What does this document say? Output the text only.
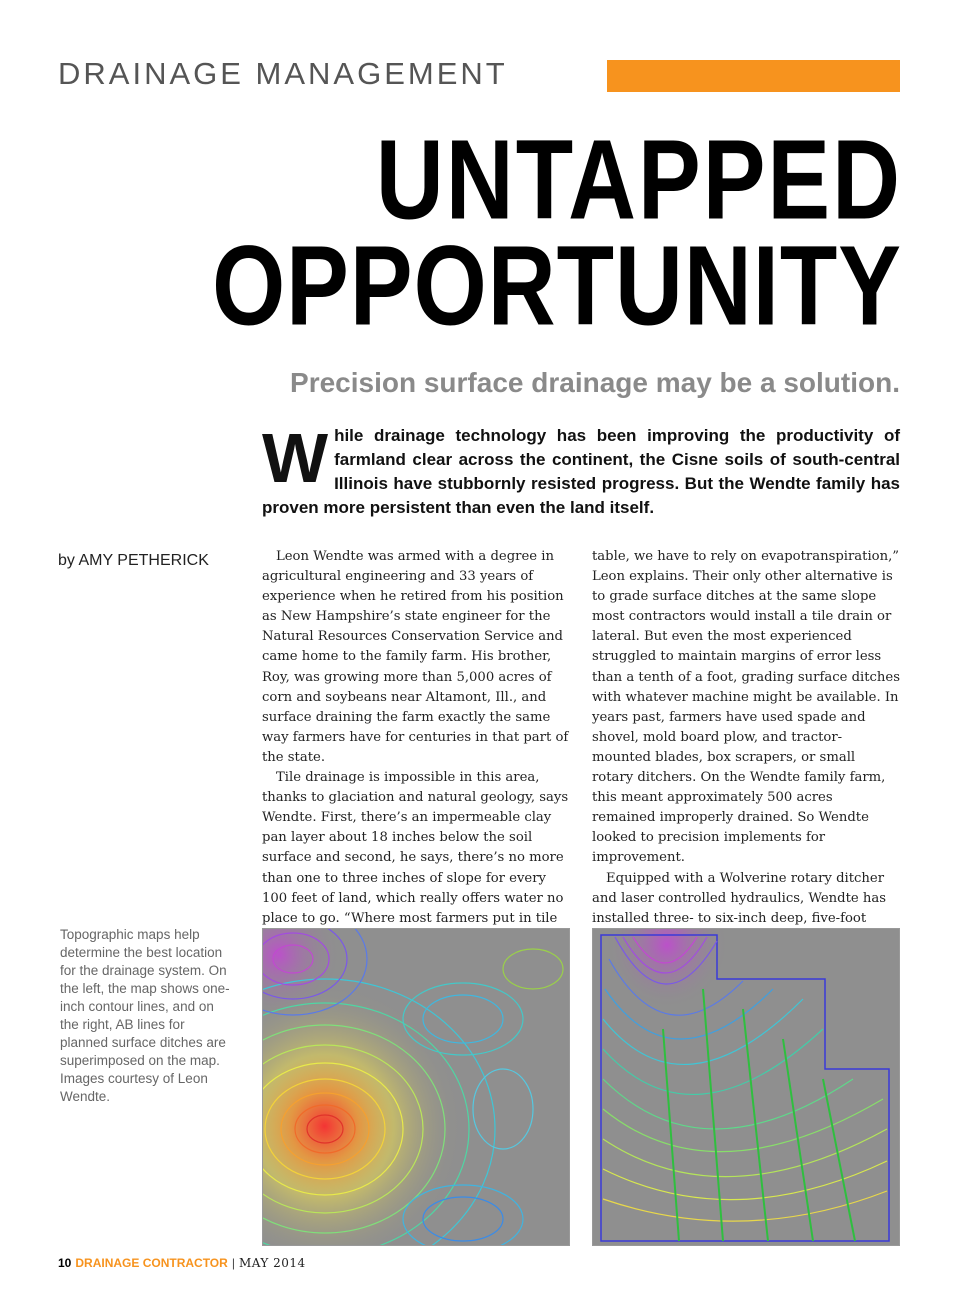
DRAINAGE MANAGEMENT
UNTAPPED
OPPORTUNITY
Precision surface drainage may be a solution.
While drainage technology has been improving the productivity of farmland clear across the continent, the Cisne soils of south-central Illinois have stubbornly resisted progress. But the Wendte family has proven more persistent than even the land itself.
by AMY PETHERICK	Leon Wendte was armed with a degree in agricultural engineering and 33 years of experience when he retired from his position as New Hampshire’s state engineer for the Natural Resources Conservation Service and came home to the family farm. His brother, Roy, was growing more than 5,000 acres of corn and soybeans near Altamont, Ill., and surface draining the farm exactly the same way farmers have for centuries in that part of the state.

Tile drainage is impossible in this area, thanks to glaciation and natural geology, says Wendte. First, there’s an impermeable clay pan layer about 18 inches below the soil surface and second, he says, there’s no more than one to three inches of slope for every 100 feet of land, which really offers water no place to go. “Where most farmers put in tile

table, we have to rely on evapotranspiration,” Leon explains. Their only other alternative is to grade surface ditches at the same slope most contractors would install a tile drain or lateral. But even the most experienced struggled to maintain margins of error less than a tenth of a foot, grading surface ditches with whatever machine might be available. In years past, farmers have used spade and shovel, mold board plow, and tractor-mounted blades, box scrapers, or small rotary ditchers. On the Wendte family farm, this meant approximately 500 acres remained improperly drained. So Wendte looked to precision implements for improvement.

Equipped with a Wolverine rotary ditcher and laser controlled hydraulics, Wendte has installed three- to six-inch deep, five-foot

Topographic maps help determine the best location for the drainage system. On the left, the map shows one-inch contour lines, and on the right, AB lines for planned surface ditches are superimposed on the map. Images courtesy of Leon Wendte.
10 DRAINAGE CONTRACTOR | MAY 2014
